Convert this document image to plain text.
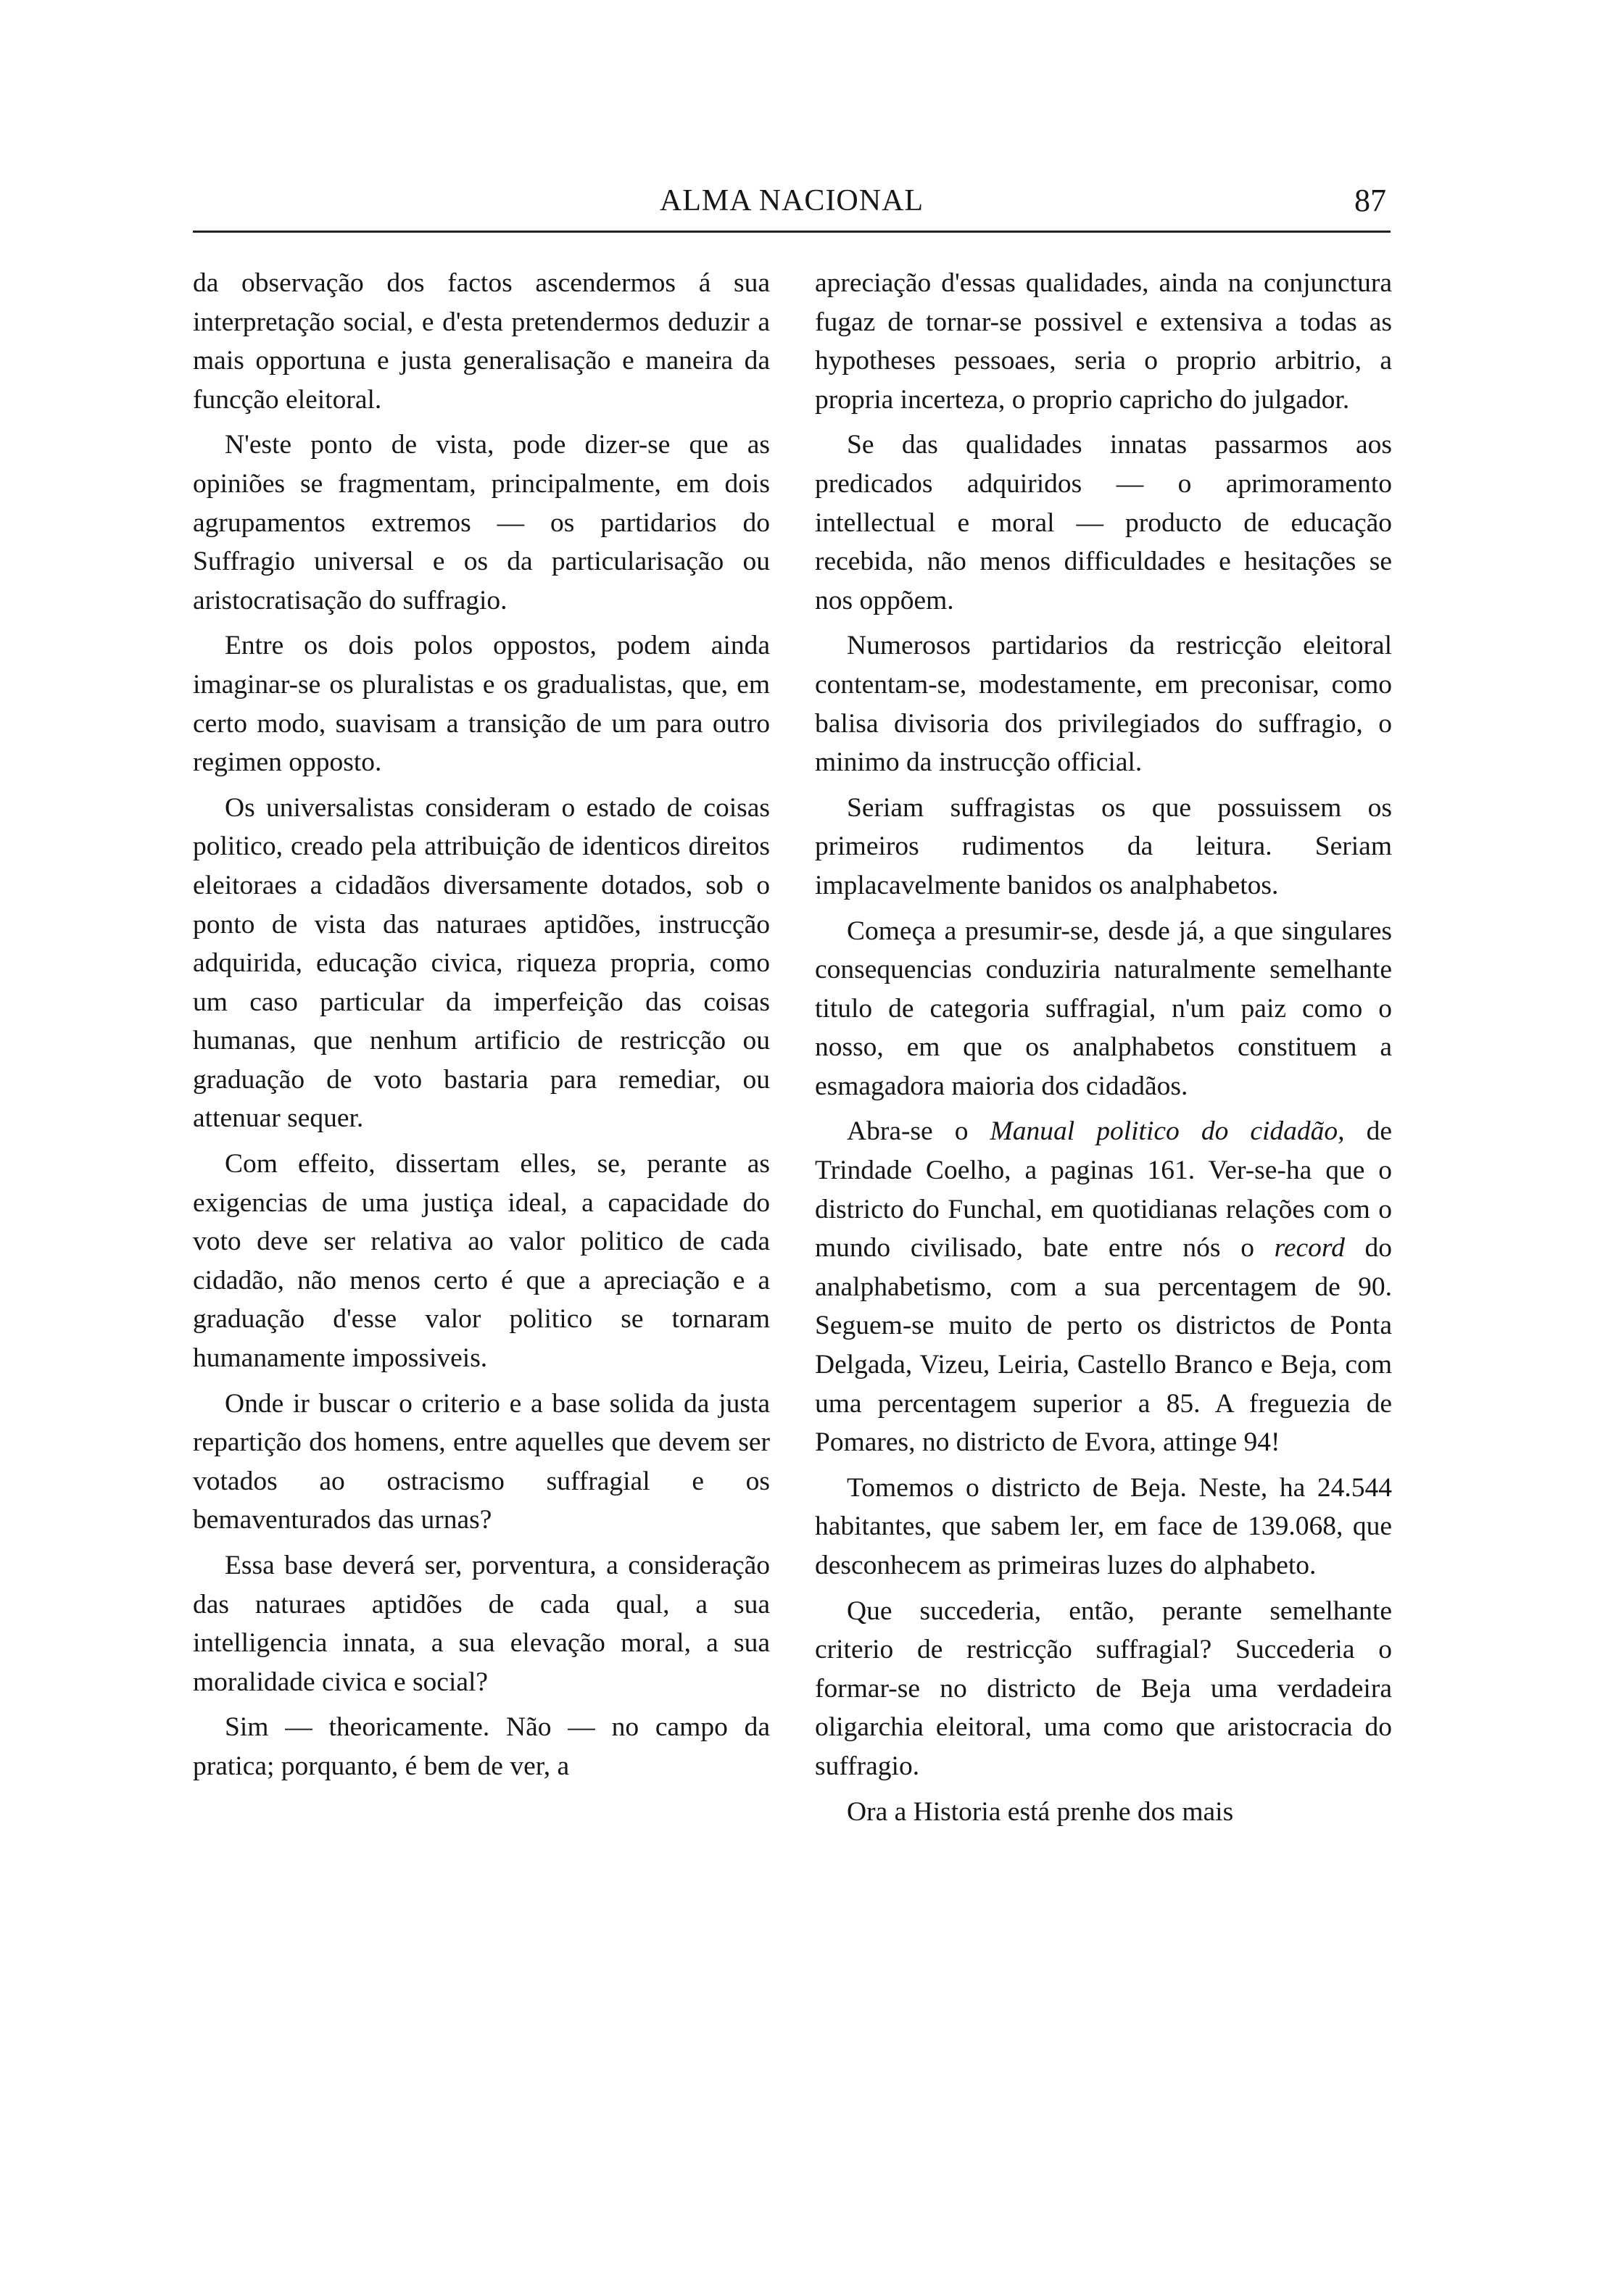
ALMA NACIONAL	87

da observação dos factos ascendermos á sua interpretação social, e d'esta pretendermos deduzir a mais opportuna e justa generalisação e maneira da funcção eleitoral.

N'este ponto de vista, pode dizer-se que as opiniões se fragmentam, principalmente, em dois agrupamentos extremos — os partidarios do Suffragio universal e os da particularisação ou aristocratisação do suffragio.

Entre os dois polos oppostos, podem ainda imaginar-se os pluralistas e os gradualistas, que, em certo modo, suavisam a transição de um para outro regimen opposto.

Os universalistas consideram o estado de coisas politico, creado pela attribuição de identicos direitos eleitoraes a cidadãos diversamente dotados, sob o ponto de vista das naturaes aptidões, instrucção adquirida, educação civica, riqueza propria, como um caso particular da imperfeição das coisas humanas, que nenhum artificio de restricção ou graduação de voto bastaria para remediar, ou attenuar sequer.

Com effeito, dissertam elles, se, perante as exigencias de uma justiça ideal, a capacidade do voto deve ser relativa ao valor politico de cada cidadão, não menos certo é que a apreciação e a graduação d'esse valor politico se tornaram humanamente impossiveis.

Onde ir buscar o criterio e a base solida da justa repartição dos homens, entre aquelles que devem ser votados ao ostracismo suffragial e os bemaventurados das urnas?

Essa base deverá ser, porventura, a consideração das naturaes aptidões de cada qual, a sua intelligencia innata, a sua elevação moral, a sua moralidade civica e social?

Sim — theoricamente. Não — no campo da pratica; porquanto, é bem de ver, a

apreciação d'essas qualidades, ainda na conjunctura fugaz de tornar-se possivel e extensiva a todas as hypotheses pessoaes, seria o proprio arbitrio, a propria incerteza, o proprio capricho do julgador.

Se das qualidades innatas passarmos aos predicados adquiridos — o aprimoramento intellectual e moral — producto de educação recebida, não menos difficuldades e hesitações se nos oppõem.

Numerosos partidarios da restricção eleitoral contentam-se, modestamente, em preconisar, como balisa divisoria dos privilegiados do suffragio, o minimo da instrucção official.

Seriam suffragistas os que possuissem os primeiros rudimentos da leitura. Seriam implacavelmente banidos os analphabetos.

Começa a presumir-se, desde já, a que singulares consequencias conduziria naturalmente semelhante titulo de categoria suffragial, n'um paiz como o nosso, em que os analphabetos constituem a esmagadora maioria dos cidadãos.

Abra-se o Manual politico do cidadão, de Trindade Coelho, a paginas 161. Ver-se-ha que o districto do Funchal, em quotidianas relações com o mundo civilisado, bate entre nós o record do analphabetismo, com a sua percentagem de 90. Seguem-se muito de perto os districtos de Ponta Delgada, Vizeu, Leiria, Castello Branco e Beja, com uma percentagem superior a 85. A freguezia de Pomares, no districto de Evora, attinge 94!

Tomemos o districto de Beja. Neste, ha 24.544 habitantes, que sabem ler, em face de 139.068, que desconhecem as primeiras luzes do alphabeto.

Que succederia, então, perante semelhante criterio de restricção suffragial? Succederia o formar-se no districto de Beja uma verdadeira oligarchia eleitoral, uma como que aristocracia do suffragio.

Ora a Historia está prenhe dos mais
